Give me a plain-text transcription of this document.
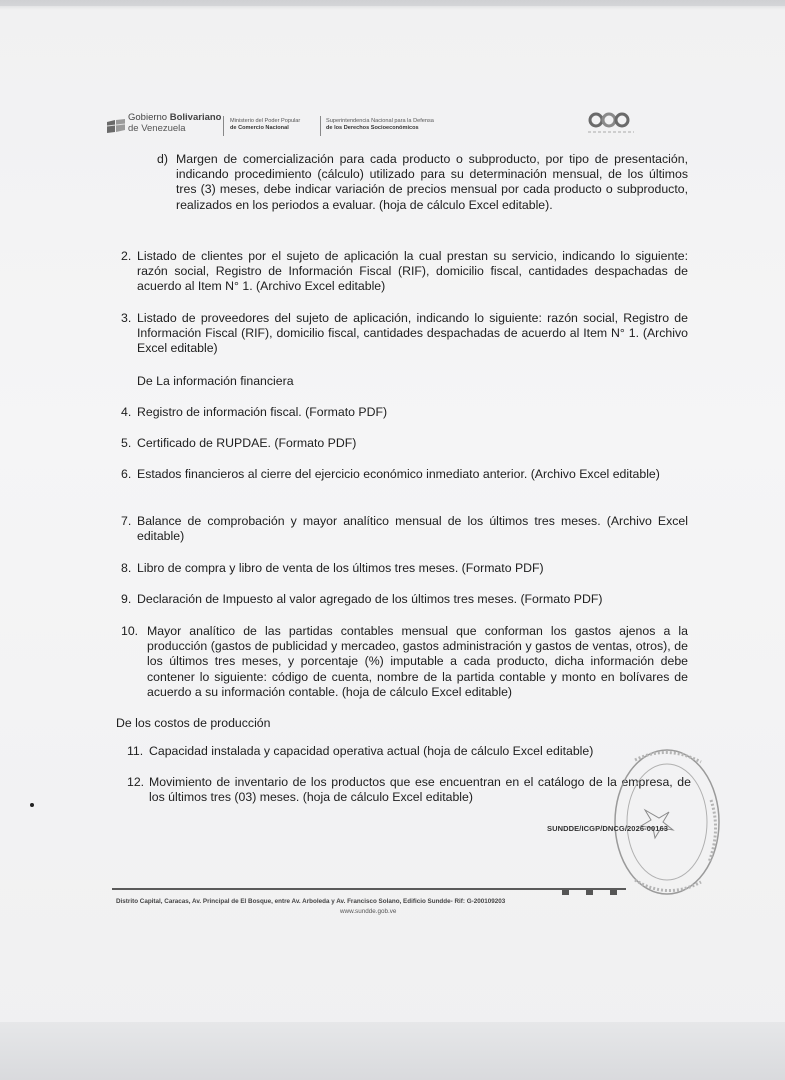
Gobierno Bolivariano
de Venezuela
Ministerio del Poder Popular
de Comercio Nacional
Superintendencia Nacional para la Defensa
de los Derechos Socioeconómicos
d) Margen de comercialización para cada producto o subproducto, por tipo de presentación, indicando procedimiento (cálculo) utilizado para su determinación mensual, de los últimos tres (3) meses, debe indicar variación de precios mensual por cada producto o subproducto, realizados en los periodos a evaluar. (hoja de cálculo Excel editable).
2. Listado de clientes por el sujeto de aplicación la cual prestan su servicio, indicando lo siguiente: razón social, Registro de Información Fiscal (RIF), domicilio fiscal, cantidades despachadas de acuerdo al Item N° 1. (Archivo Excel editable)
3. Listado de proveedores del sujeto de aplicación, indicando lo siguiente: razón social, Registro de Información Fiscal (RIF), domicilio fiscal, cantidades despachadas de acuerdo al Item N° 1. (Archivo Excel editable)
De La información financiera
4. Registro de información fiscal. (Formato PDF)
5. Certificado de RUPDAE. (Formato PDF)
6. Estados financieros al cierre del ejercicio económico inmediato anterior. (Archivo Excel editable)
7. Balance de comprobación y mayor analítico mensual de los últimos tres meses. (Archivo Excel editable)
8. Libro de compra y libro de venta de los últimos tres meses. (Formato PDF)
9. Declaración de Impuesto al valor agregado de los últimos tres meses. (Formato PDF)
10. Mayor analítico de las partidas contables mensual que conforman los gastos ajenos a la producción (gastos de publicidad y mercadeo, gastos administración y gastos de ventas, otros), de los últimos tres meses, y porcentaje (%) imputable a cada producto, dicha información debe contener lo siguiente: código de cuenta, nombre de la partida contable y monto en bolívares de acuerdo a su información contable. (hoja de cálculo Excel editable)
De los costos de producción
11. Capacidad instalada y capacidad operativa actual (hoja de cálculo Excel editable)
12. Movimiento de inventario de los productos que ese encuentran en el catálogo de la empresa, de los últimos tres (03) meses. (hoja de cálculo Excel editable)
SUNDDE/ICGP/DNCG/2026-00163
Distrito Capital, Caracas, Av. Principal de El Bosque, entre Av. Arboleda y Av. Francisco Solano, Edificio Sundde- Rif: G-200109203
www.sundde.gob.ve
